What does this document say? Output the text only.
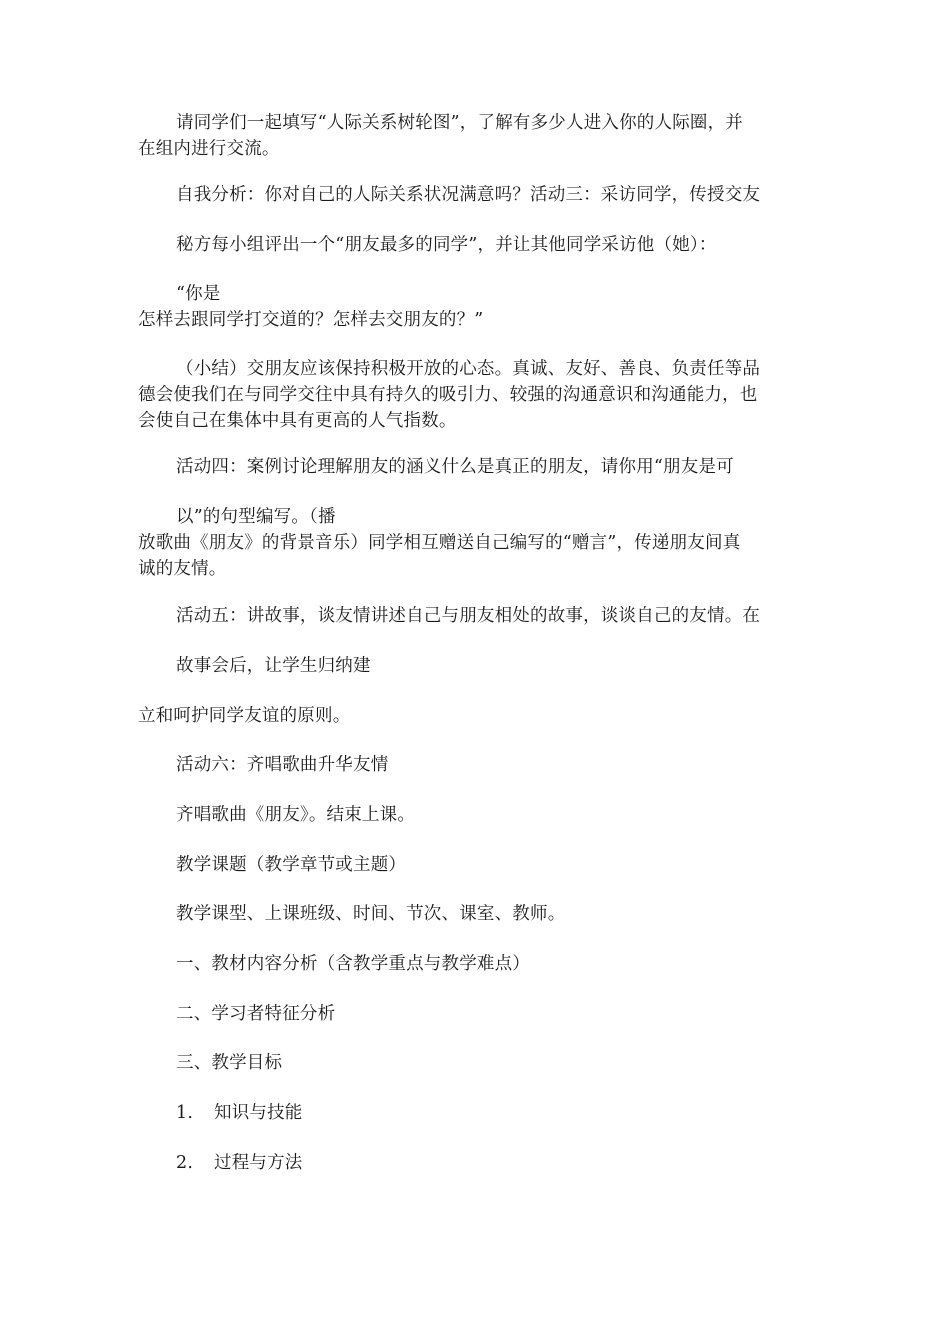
请同学们一起填写“人际关系树轮图”，了解有多少人进入你的人际圈，并
在组内进行交流。
自我分析：你对自己的人际关系状况满意吗？活动三：采访同学，传授交友
秘方每小组评出一个“朋友最多的同学”，并让其他同学采访他（她）：
“你是
怎样去跟同学打交道的？怎样去交朋友的？”
（小结）交朋友应该保持积极开放的心态。真诚、友好、善良、负责任等品
德会使我们在与同学交往中具有持久的吸引力、较强的沟通意识和沟通能力，也
会使自己在集体中具有更高的人气指数。
活动四：案例讨论理解朋友的涵义什么是真正的朋友，请你用“朋友是可
以”的句型编写。（播
放歌曲《朋友》的背景音乐）同学相互赠送自己编写的“赠言”，传递朋友间真
诚的友情。
活动五：讲故事，谈友情讲述自己与朋友相处的故事，谈谈自己的友情。在
故事会后，让学生归纳建
立和呵护同学友谊的原则。
活动六：齐唱歌曲升华友情
齐唱歌曲《朋友》。结束上课。
教学课题（教学章节或主题）
教学课型、上课班级、时间、节次、课室、教师。
一、教材内容分析（含教学重点与教学难点）
二、学习者特征分析
三、教学目标
1. 知识与技能
2. 过程与方法
